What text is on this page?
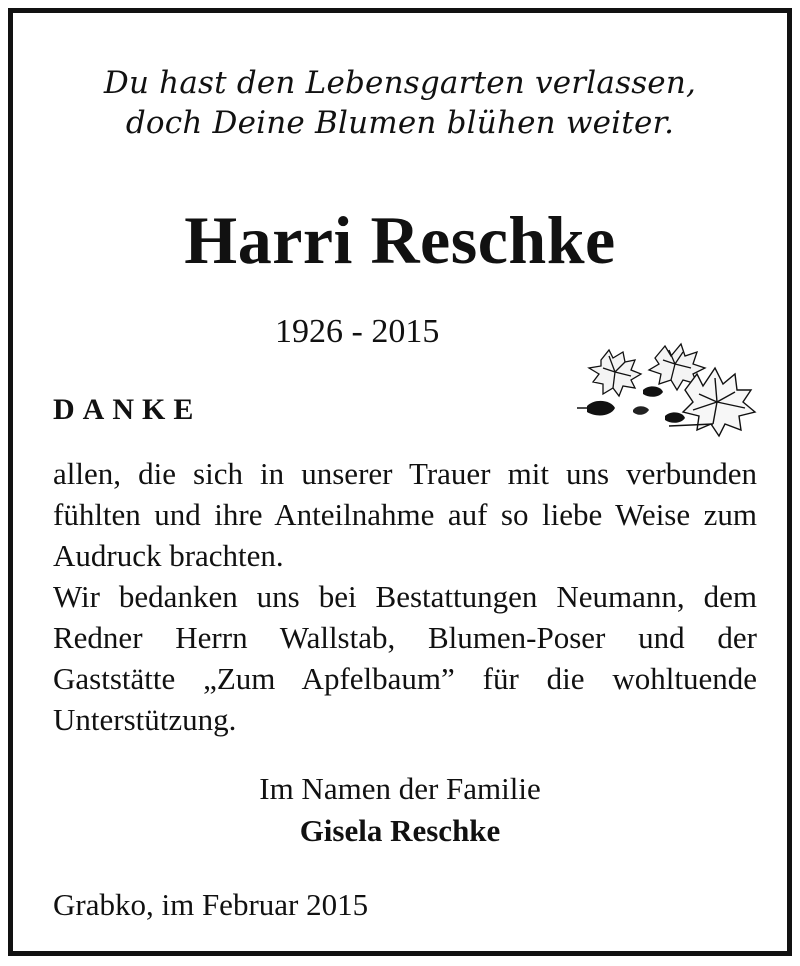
Du hast den Lebensgarten verlassen,
doch Deine Blumen blühen weiter.
Harri Reschke
1926 - 2015
DANKE

allen, die sich in unserer Trauer mit uns verbunden fühlten und ihre Anteilnahme auf so liebe Weise zum Audruck brachten.

Wir bedanken uns bei Bestattungen Neumann, dem Redner Herrn Wallstab, Blumen-Poser und der Gaststätte „Zum Apfelbaum” für die wohltuende Unterstützung.

Im Namen der Familie
Gisela Reschke
Grabko, im Februar 2015
